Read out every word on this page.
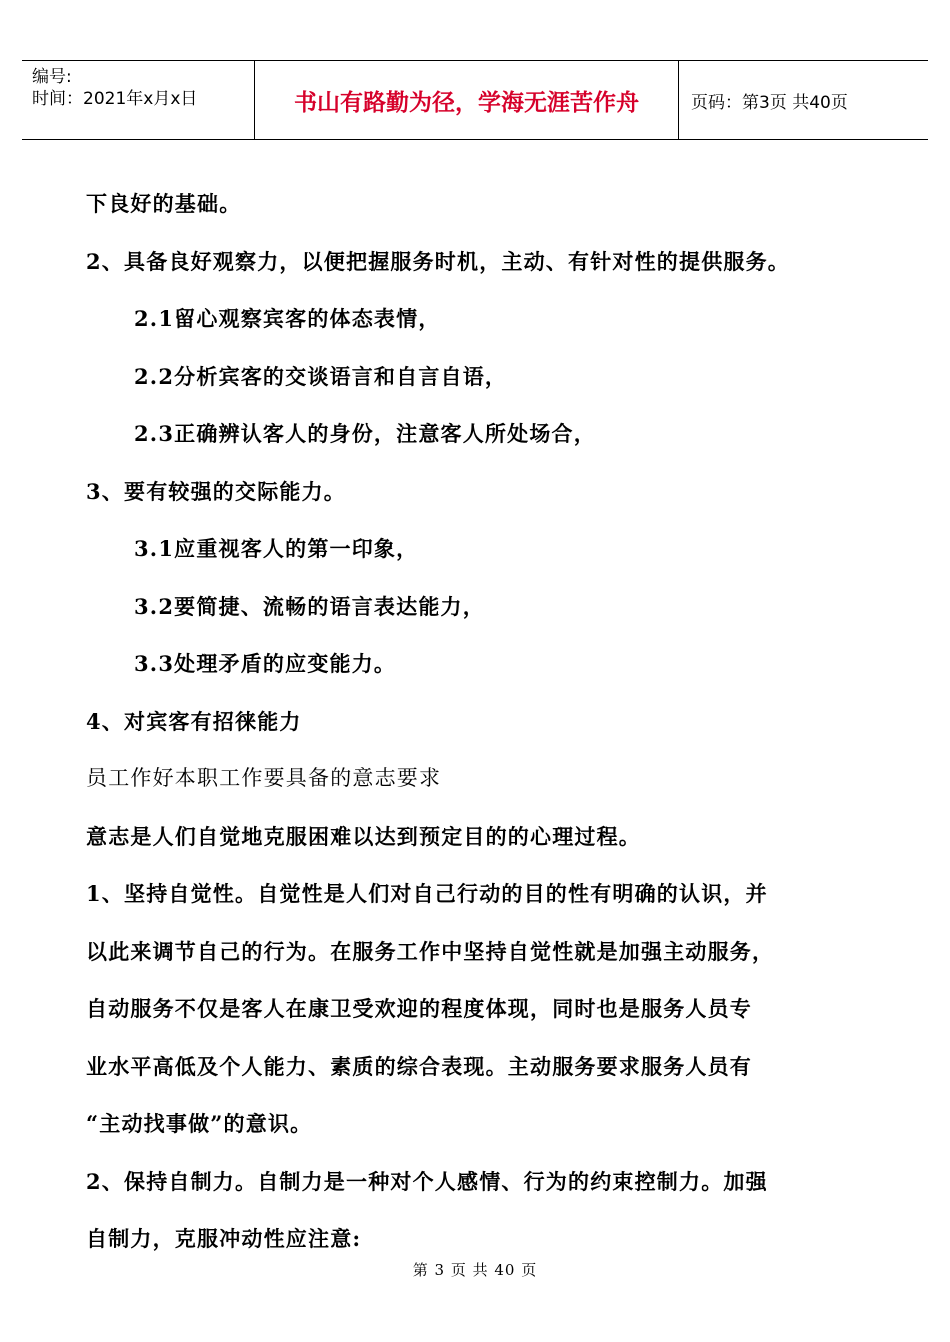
编号:
时间：2021年x月x日	书山有路勤为径，学海无涯苦作舟	页码：第3页 共40页
下良好的基础。
2、具备良好观察力，以便把握服务时机，主动、有针对性的提供服务。
2.1留心观察宾客的体态表情，
2.2分析宾客的交谈语言和自言自语，
2.3正确辨认客人的身份，注意客人所处场合，
3、要有较强的交际能力。
3.1应重视客人的第一印象，
3.2要简捷、流畅的语言表达能力，
3.3处理矛盾的应变能力。
4、对宾客有招徕能力
员工作好本职工作要具备的意志要求
意志是人们自觉地克服困难以达到预定目的的心理过程。
1、坚持自觉性。自觉性是人们对自己行动的目的性有明确的认识，并
以此来调节自己的行为。在服务工作中坚持自觉性就是加强主动服务，
自动服务不仅是客人在康卫受欢迎的程度体现，同时也是服务人员专
业水平高低及个人能力、素质的综合表现。主动服务要求服务人员有
“主动找事做”的意识。
2、保持自制力。自制力是一种对个人感情、行为的约束控制力。加强
自制力，克服冲动性应注意:
第 3 页 共 40 页
